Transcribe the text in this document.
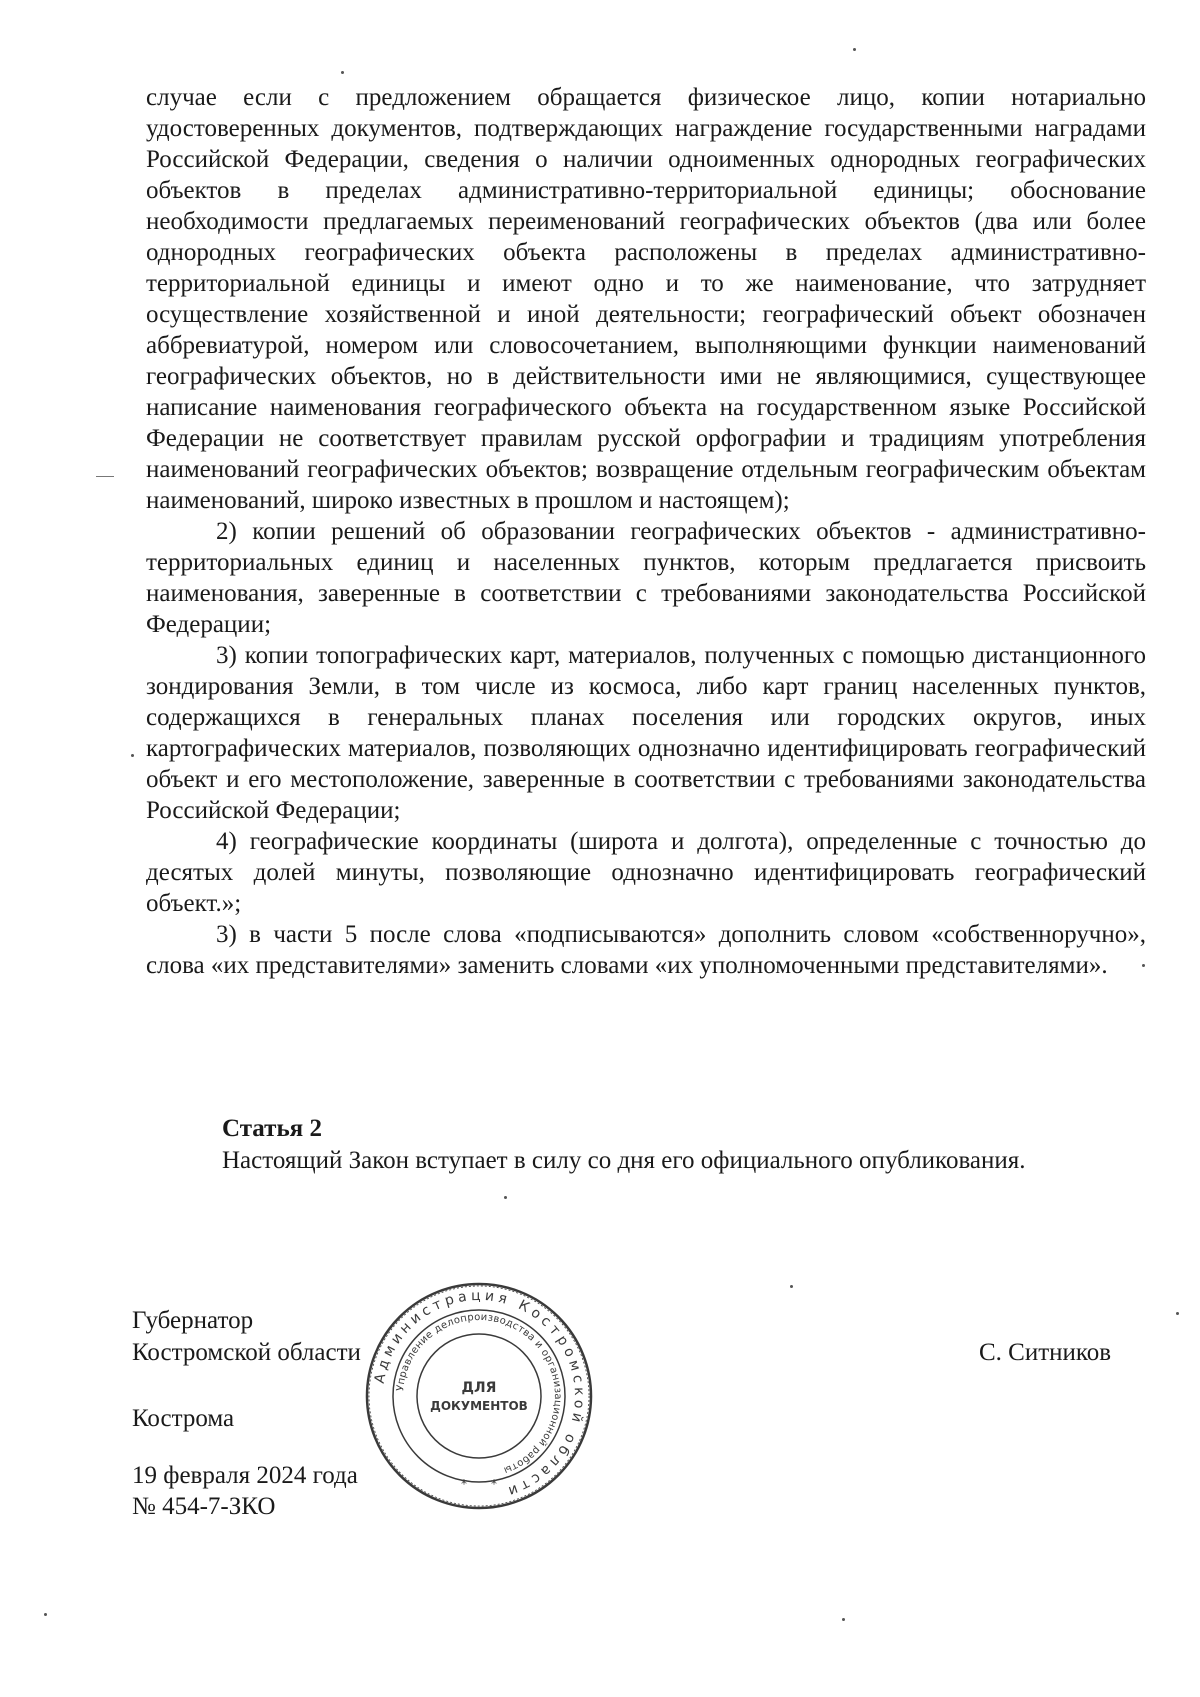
случае если с предложением обращается физическое лицо, копии нотариально удостоверенных документов, подтверждающих награждение государственными наградами Российской Федерации, сведения о наличии одноименных однородных географических объектов в пределах административно-территориальной единицы; обоснование необходимости предлагаемых переименований географических объектов (два или более однородных географических объекта расположены в пределах административно-территориальной единицы и имеют одно и то же наименование, что затрудняет осуществление хозяйственной и иной деятельности; географический объект обозначен аббревиатурой, номером или словосочетанием, выполняющими функции наименований географических объектов, но в действительности ими не являющимися, существующее написание наименования географического объекта на государственном языке Российской Федерации не соответствует правилам русской орфографии и традициям употребления наименований географических объектов; возвращение отдельным географическим объектам наименований, широко известных в прошлом и настоящем);

2) копии решений об образовании географических объектов - административно-территориальных единиц и населенных пунктов, которым предлагается присвоить наименования, заверенные в соответствии с требованиями законодательства Российской Федерации;

3) копии топографических карт, материалов, полученных с помощью дистанционного зондирования Земли, в том числе из космоса, либо карт границ населенных пунктов, содержащихся в генеральных планах поселения или городских округов, иных картографических материалов, позволяющих однозначно идентифицировать географический объект и его местоположение, заверенные в соответствии с требованиями законодательства Российской Федерации;

4) географические координаты (широта и долгота), определенные с точностью до десятых долей минуты, позволяющие однозначно идентифицировать географический объект.»;

3) в части 5 после слова «подписываются» дополнить словом «собственноручно», слова «их представителями» заменить словами «их уполномоченными представителями».

Статья 2
Настоящий Закон вступает в силу со дня его официального опубликования.
Губернатор
Костромской области	С. Ситников
Кострома
19 февраля 2024 года
№ 454-7-ЗКО
Администрация Костромской области
Управление делопроизводства и организационной работы
ДЛЯ
ДОКУМЕНТОВ
* *
